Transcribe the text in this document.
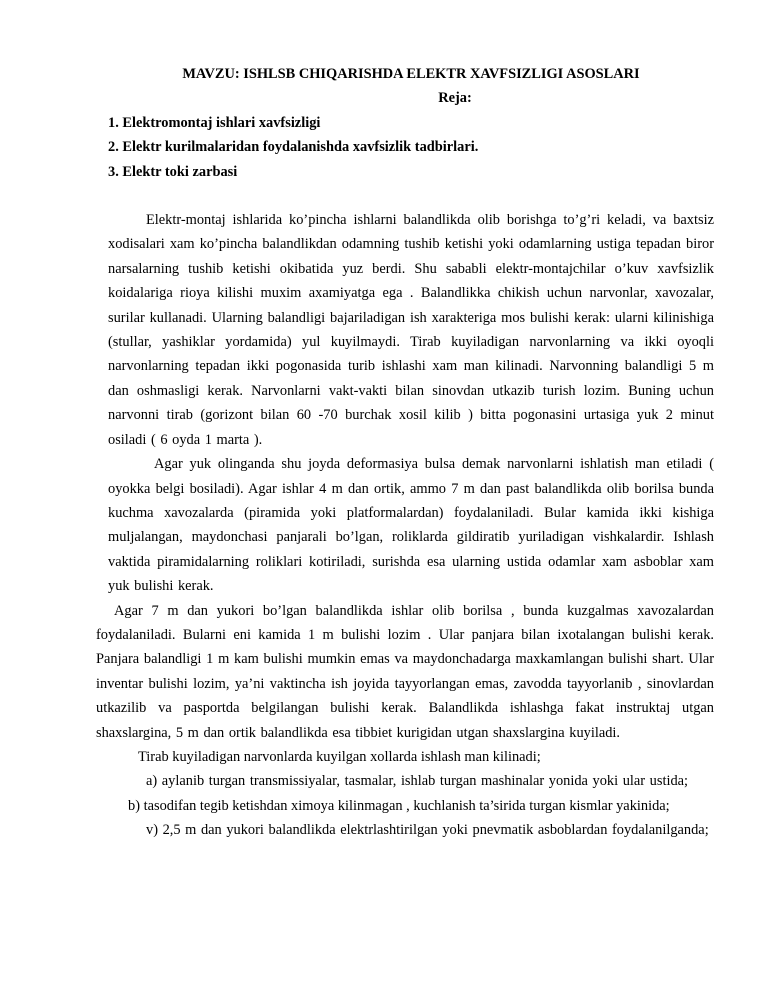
MAVZU: ISHLSB CHIQARISHDA ELEKTR XAVFSIZLIGI ASOSLARI

Reja:

1. Elektromontaj ishlari xavfsizligi

2. Elektr kurilmalaridan foydalanishda xavfsizlik tadbirlari.

3. Elektr toki zarbasi

Elektr-montaj ishlarida ko’pincha ishlarni balandlikda olib borishga to’g’ri keladi, va baxtsiz xodisalari xam ko’pincha balandlikdan odamning tushib ketishi yoki odamlarning ustiga tepadan biror narsalarning tushib ketishi okibatida yuz berdi. Shu sababli elektr-montajchilar o’kuv xavfsizlik koidalariga rioya kilishi muxim axamiyatga ega . Balandlikka chikish uchun narvonlar, xavozalar, surilar kullanadi. Ularning balandligi bajariladigan ish xarakteriga mos bulishi kerak: ularni kilinishiga (stullar, yashiklar yordamida) yul kuyilmaydi. Tirab kuyiladigan narvonlarning va ikki oyoqli narvonlarning tepadan ikki pogonasida turib ishlashi xam man kilinadi. Narvonning balandligi 5 m dan oshmasligi kerak. Narvonlarni vakt-vakti bilan sinovdan utkazib turish lozim. Buning uchun narvonni tirab (gorizont bilan 60 -70 burchak xosil kilib ) bitta pogonasini urtasiga yuk 2 minut osiladi ( 6 oyda 1 marta ).

Agar yuk olinganda shu joyda deformasiya bulsa demak narvonlarni ishlatish man etiladi ( oyokka belgi bosiladi). Agar ishlar 4 m dan ortik, ammo 7 m dan past balandlikda olib borilsa bunda kuchma xavozalarda (piramida yoki platformalardan) foydalaniladi. Bular kamida ikki kishiga muljalangan, maydonchasi panjarali bo’lgan, roliklarda gildiratib yuriladigan vishkalardir. Ishlash vaktida piramidalarning roliklari kotiriladi, surishda esa ularning ustida odamlar xam asboblar xam yuk bulishi kerak.

Agar 7 m dan yukori bo’lgan balandlikda ishlar olib borilsa , bunda kuzgalmas xavozalardan foydalaniladi. Bularni eni kamida 1 m bulishi lozim . Ular panjara bilan ixotalangan bulishi kerak. Panjara balandligi 1 m kam bulishi mumkin emas va maydonchadarga maxkamlangan bulishi shart. Ular inventar bulishi lozim, ya’ni vaktincha ish joyida tayyorlangan emas, zavodda tayyorlanib , sinovlardan utkazilib va pasportda belgilangan bulishi kerak. Balandlikda ishlashga fakat instruktaj utgan shaxslargina, 5 m dan ortik balandlikda esa tibbiet kurigidan utgan shaxslargina kuyiladi.

Tirab kuyiladigan narvonlarda kuyilgan xollarda ishlash man kilinadi;

a) aylanib turgan transmissiyalar, tasmalar, ishlab turgan mashinalar yonida yoki ular ustida;

b) tasodifan tegib ketishdan ximoya kilinmagan , kuchlanish ta’sirida turgan kismlar yakinida;

v) 2,5 m dan yukori balandlikda elektrlashtirilgan yoki pnevmatik asboblardan foydalanilganda;
